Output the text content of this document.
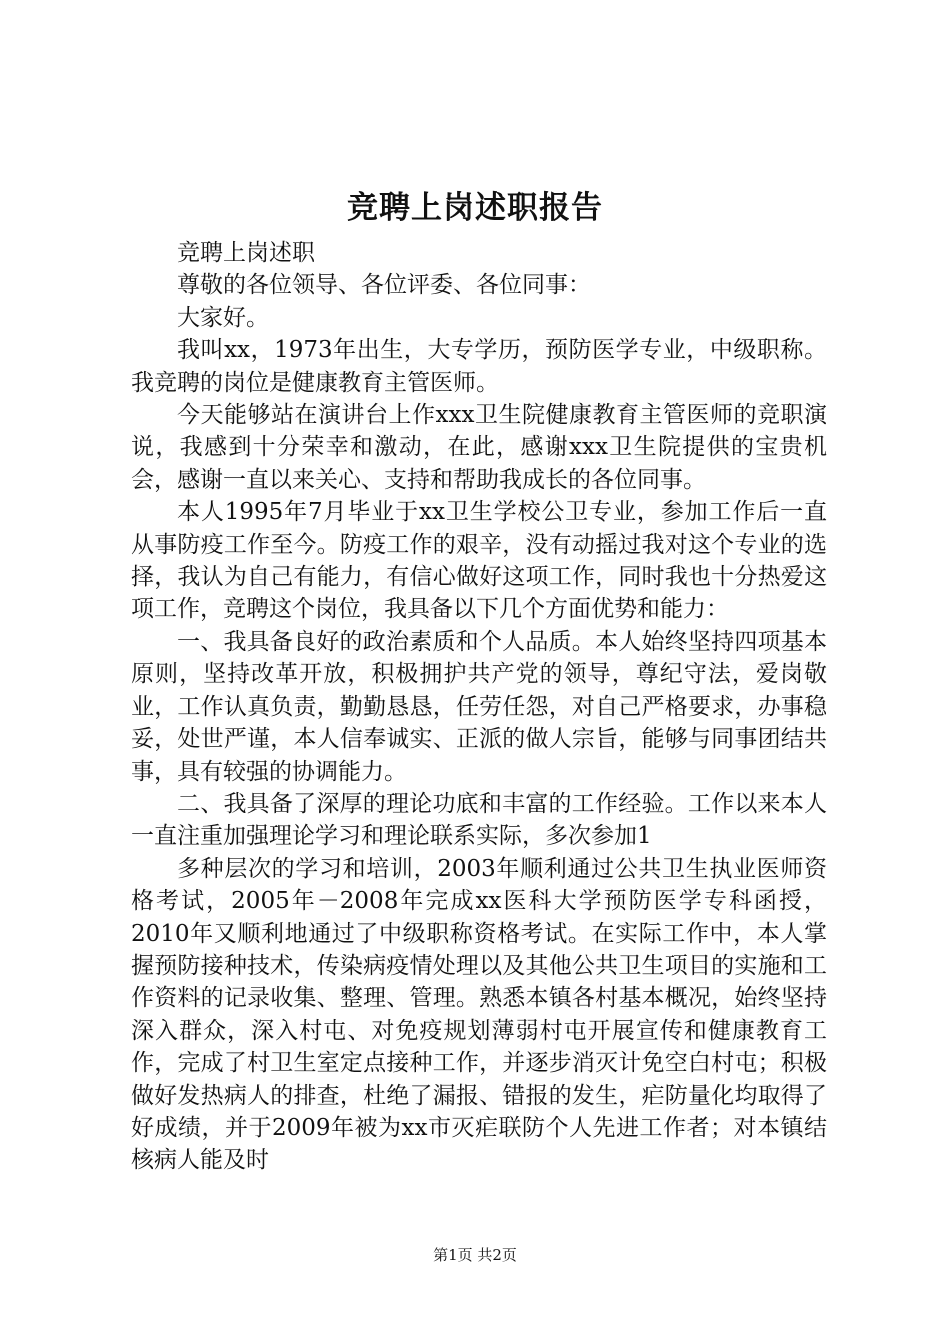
竞聘上岗述职报告

竞聘上岗述职

尊敬的各位领导、各位评委、各位同事：

大家好。

我叫xx，1973年出生，大专学历，预防医学专业，中级职称。我竞聘的岗位是健康教育主管医师。

今天能够站在演讲台上作xxx卫生院健康教育主管医师的竞职演说，我感到十分荣幸和激动，在此，感谢xxx卫生院提供的宝贵机会，感谢一直以来关心、支持和帮助我成长的各位同事。

本人1995年7月毕业于xx卫生学校公卫专业，参加工作后一直从事防疫工作至今。防疫工作的艰辛，没有动摇过我对这个专业的选择，我认为自己有能力，有信心做好这项工作，同时我也十分热爱这项工作，竞聘这个岗位，我具备以下几个方面优势和能力：

一、我具备良好的政治素质和个人品质。本人始终坚持四项基本原则，坚持改革开放，积极拥护共产党的领导，尊纪守法，爱岗敬业，工作认真负责，勤勤恳恳，任劳任怨，对自己严格要求，办事稳妥，处世严谨，本人信奉诚实、正派的做人宗旨，能够与同事团结共事，具有较强的协调能力。

二、我具备了深厚的理论功底和丰富的工作经验。工作以来本人一直注重加强理论学习和理论联系实际，多次参加1

多种层次的学习和培训，2003年顺利通过公共卫生执业医师资格考试，2005年－2008年完成xx医科大学预防医学专科函授，2010年又顺利地通过了中级职称资格考试。在实际工作中，本人掌握预防接种技术，传染病疫情处理以及其他公共卫生项目的实施和工作资料的记录收集、整理、管理。熟悉本镇各村基本概况，始终坚持深入群众，深入村屯、对免疫规划薄弱村屯开展宣传和健康教育工作，完成了村卫生室定点接种工作，并逐步消灭计免空白村屯；积极做好发热病人的排查，杜绝了漏报、错报的发生，疟防量化均取得了好成绩，并于2009年被为xx市灭疟联防个人先进工作者；对本镇结核病人能及时

第1页 共2页
